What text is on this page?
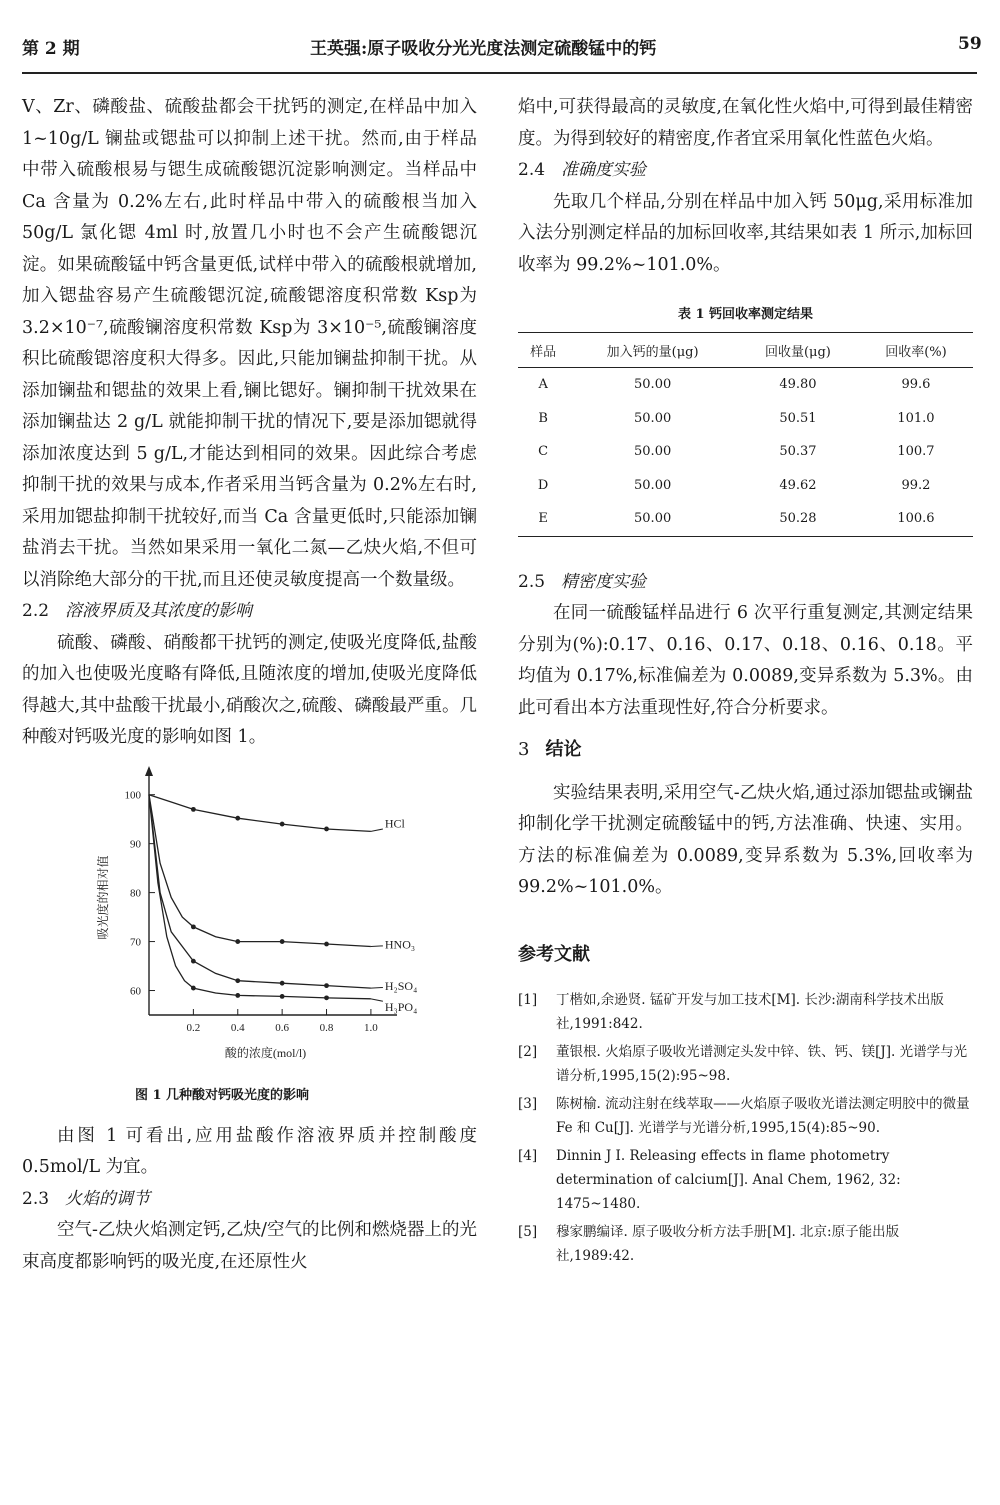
第 2 期	王英强:原子吸收分光光度法测定硫酸锰中的钙	59

V、Zr、磷酸盐、硫酸盐都会干扰钙的测定,在样品中加入 1~10g/L 镧盐或锶盐可以抑制上述干扰。然而,由于样品中带入硫酸根易与锶生成硫酸锶沉淀影响测定。当样品中 Ca 含量为 0.2%左右,此时样品中带入的硫酸根当加入 50g/L 氯化锶 4ml 时,放置几小时也不会产生硫酸锶沉淀。如果硫酸锰中钙含量更低,试样中带入的硫酸根就增加,加入锶盐容易产生硫酸锶沉淀,硫酸锶溶度积常数 Ksp为 3.2×10⁻⁷,硫酸镧溶度积常数 Ksp为 3×10⁻⁵,硫酸镧溶度积比硫酸锶溶度积大得多。因此,只能加镧盐抑制干扰。从添加镧盐和锶盐的效果上看,镧比锶好。镧抑制干扰效果在添加镧盐达 2 g/L 就能抑制干扰的情况下,要是添加锶就得添加浓度达到 5 g/L,才能达到相同的效果。因此综合考虑抑制干扰的效果与成本,作者采用当钙含量为 0.2%左右时,采用加锶盐抑制干扰较好,而当 Ca 含量更低时,只能添加镧盐消去干扰。当然如果采用一氧化二氮—乙炔火焰,不但可以消除绝大部分的干扰,而且还使灵敏度提高一个数量级。

2.2 溶液界质及其浓度的影响

硫酸、磷酸、硝酸都干扰钙的测定,使吸光度降低,盐酸的加入也使吸光度略有降低,且随浓度的增加,使吸光度降低得越大,其中盐酸干扰最小,硝酸次之,硫酸、磷酸最严重。几种酸对钙吸光度的影响如图 1。

100
90
80
70
60
0.2	0.4	0.6	0.8	1.0
酸的浓度(mol/l)
吸光度的相对值
HCl
HNO₃
H₂SO₄
H₃PO₄
图 1 几种酸对钙吸光度的影响

由图 1 可看出,应用盐酸作溶液界质并控制酸度 0.5mol/L 为宜。

2.3 火焰的调节

空气-乙炔火焰测定钙,乙炔/空气的比例和燃烧器上的光束高度都影响钙的吸光度,在还原性火

焰中,可获得最高的灵敏度,在氧化性火焰中,可得到最佳精密度。为得到较好的精密度,作者宜采用氧化性蓝色火焰。

2.4 准确度实验

先取几个样品,分别在样品中加入钙 50μg,采用标准加入法分别测定样品的加标回收率,其结果如表 1 所示,加标回收率为 99.2%~101.0%。

表 1 钙回收率测定结果
样品	加入钙的量(μg)	回收量(μg)	回收率(%)
A	50.00	49.80	99.6
B	50.00	50.51	101.0
C	50.00	50.37	100.7
D	50.00	49.62	99.2
E	50.00	50.28	100.6

2.5 精密度实验

在同一硫酸锰样品进行 6 次平行重复测定,其测定结果分别为(%):0.17、0.16、0.17、0.18、0.16、0.18。平均值为 0.17%,标准偏差为 0.0089,变异系数为 5.3%。由此可看出本方法重现性好,符合分析要求。

3 结论

实验结果表明,采用空气-乙炔火焰,通过添加锶盐或镧盐抑制化学干扰测定硫酸锰中的钙,方法准确、快速、实用。方法的标准偏差为 0.0089,变异系数为 5.3%,回收率为 99.2%~101.0%。

参考文献
[1] 丁楷如,余逊贤. 锰矿开发与加工技术[M]. 长沙:湖南科学技术出版社,1991:842.
[2] 董银根. 火焰原子吸收光谱测定头发中锌、铁、钙、镁[J]. 光谱学与光谱分析,1995,15(2):95~98.
[3] 陈树榆. 流动注射在线萃取——火焰原子吸收光谱法测定明胶中的微量 Fe 和 Cu[J]. 光谱学与光谱分析,1995,15(4):85~90.
[4] Dinnin J I. Releasing effects in flame photometry determination of calcium[J]. Anal Chem, 1962, 32: 1475~1480.
[5] 穆家鹏编译. 原子吸收分析方法手册[M]. 北京:原子能出版社,1989:42.
